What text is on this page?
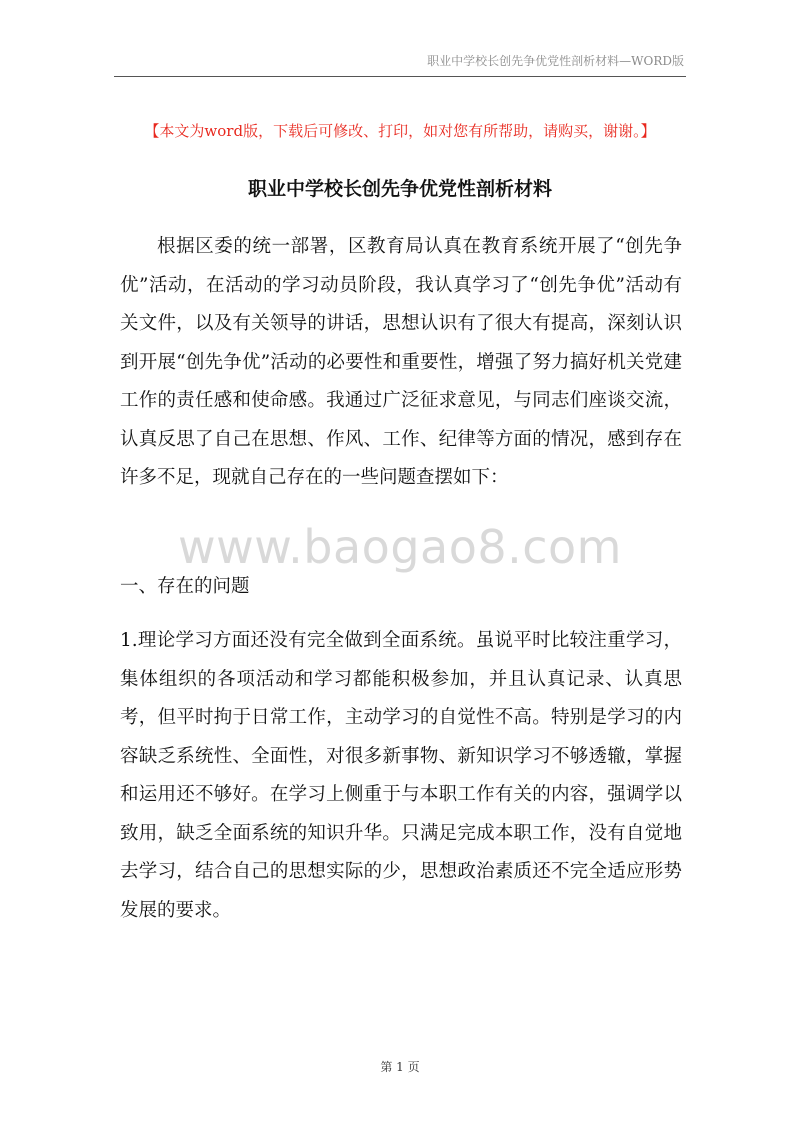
职业中学校长创先争优党性剖析材料—WORD版
【本文为word版，下载后可修改、打印，如对您有所帮助，请购买，谢谢。】
职业中学校长创先争优党性剖析材料

根据区委的统一部署，区教育局认真在教育系统开展了“创先争优”活动，在活动的学习动员阶段，我认真学习了“创先争优”活动有关文件，以及有关领导的讲话，思想认识有了很大有提高，深刻认识到开展“创先争优”活动的必要性和重要性，增强了努力搞好机关党建工作的责任感和使命感。我通过广泛征求意见，与同志们座谈交流，认真反思了自己在思想、作风、工作、纪律等方面的情况，感到存在许多不足，现就自己存在的一些问题查摆如下：

www.baogao8.com
一、存在的问题

1.理论学习方面还没有完全做到全面系统。虽说平时比较注重学习，集体组织的各项活动和学习都能积极参加，并且认真记录、认真思考，但平时拘于日常工作，主动学习的自觉性不高。特别是学习的内容缺乏系统性、全面性，对很多新事物、新知识学习不够透辙，掌握和运用还不够好。在学习上侧重于与本职工作有关的内容，强调学以致用，缺乏全面系统的知识升华。只满足完成本职工作，没有自觉地去学习，结合自己的思想实际的少，思想政治素质还不完全适应形势发展的要求。

第 1 页
